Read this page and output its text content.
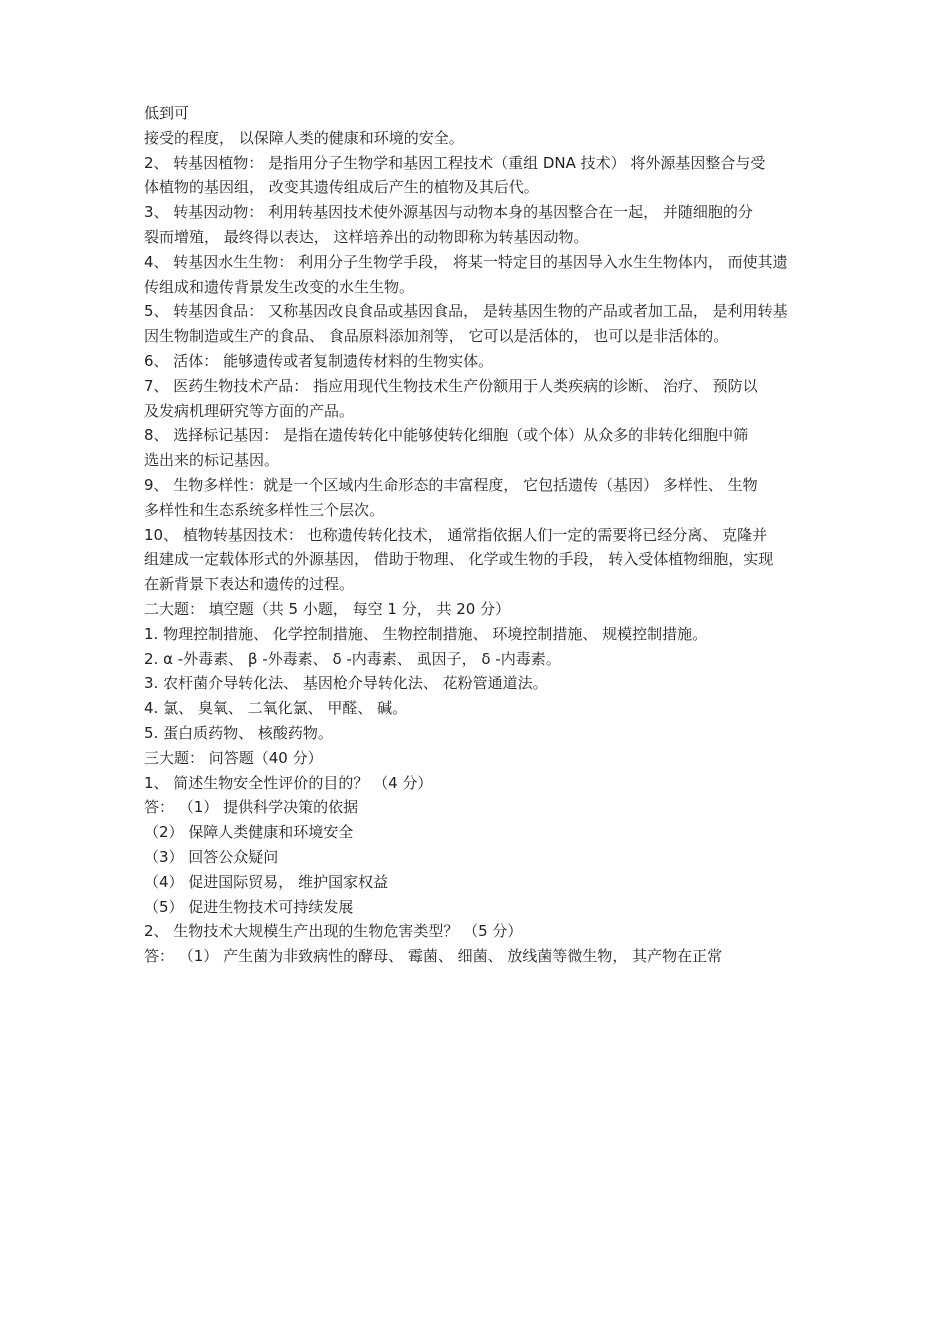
低到可
接受的程度， 以保障人类的健康和环境的安全。
2、 转基因植物： 是指用分子生物学和基因工程技术（重组 DNA 技术） 将外源基因整合与受
体植物的基因组， 改变其遗传组成后产生的植物及其后代。
3、 转基因动物： 利用转基因技术使外源基因与动物本身的基因整合在一起， 并随细胞的分
裂而增殖， 最终得以表达， 这样培养出的动物即称为转基因动物。
4、 转基因水生生物： 利用分子生物学手段， 将某一特定目的基因导入水生生物体内， 而使其遗
传组成和遗传背景发生改变的水生生物。
5、 转基因食品： 又称基因改良食品或基因食品， 是转基因生物的产品或者加工品， 是利用转基
因生物制造或生产的食品、 食品原料添加剂等， 它可以是活体的， 也可以是非活体的。
6、 活体： 能够遗传或者复制遗传材料的生物实体。
7、 医药生物技术产品： 指应用现代生物技术生产份额用于人类疾病的诊断、 治疗、 预防以
及发病机理研究等方面的产品。
8、 选择标记基因： 是指在遗传转化中能够使转化细胞（或个体）从众多的非转化细胞中筛
选出来的标记基因。
9、 生物多样性：就是一个区域内生命形态的丰富程度， 它包括遗传（基因） 多样性、 生物
多样性和生态系统多样性三个层次。
10、 植物转基因技术： 也称遗传转化技术， 通常指依据人们一定的需要将已经分离、 克隆并
组建成一定载体形式的外源基因， 借助于物理、 化学或生物的手段， 转入受体植物细胞，实现
在新背景下表达和遗传的过程。
二大题： 填空题（共 5 小题， 每空 1 分， 共 20 分）
1. 物理控制措施、 化学控制措施、 生物控制措施、 环境控制措施、 规模控制措施。
2. α -外毒素、 β -外毒素、 δ -内毒素、 虱因子， δ -内毒素。
3. 农杆菌介导转化法、 基因枪介导转化法、 花粉管通道法。
4. 氯、 臭氧、 二氧化氯、 甲醛、 碱。
5. 蛋白质药物、 核酸药物。
三大题： 问答题（40 分）
1、 简述生物安全性评价的目的？ （4 分）
答： （1） 提供科学决策的依据
（2） 保障人类健康和环境安全
（3） 回答公众疑问
（4） 促进国际贸易， 维护国家权益
（5） 促进生物技术可持续发展
2、 生物技术大规模生产出现的生物危害类型？ （5 分）
答： （1） 产生菌为非致病性的酵母、 霉菌、 细菌、 放线菌等微生物， 其产物在正常
